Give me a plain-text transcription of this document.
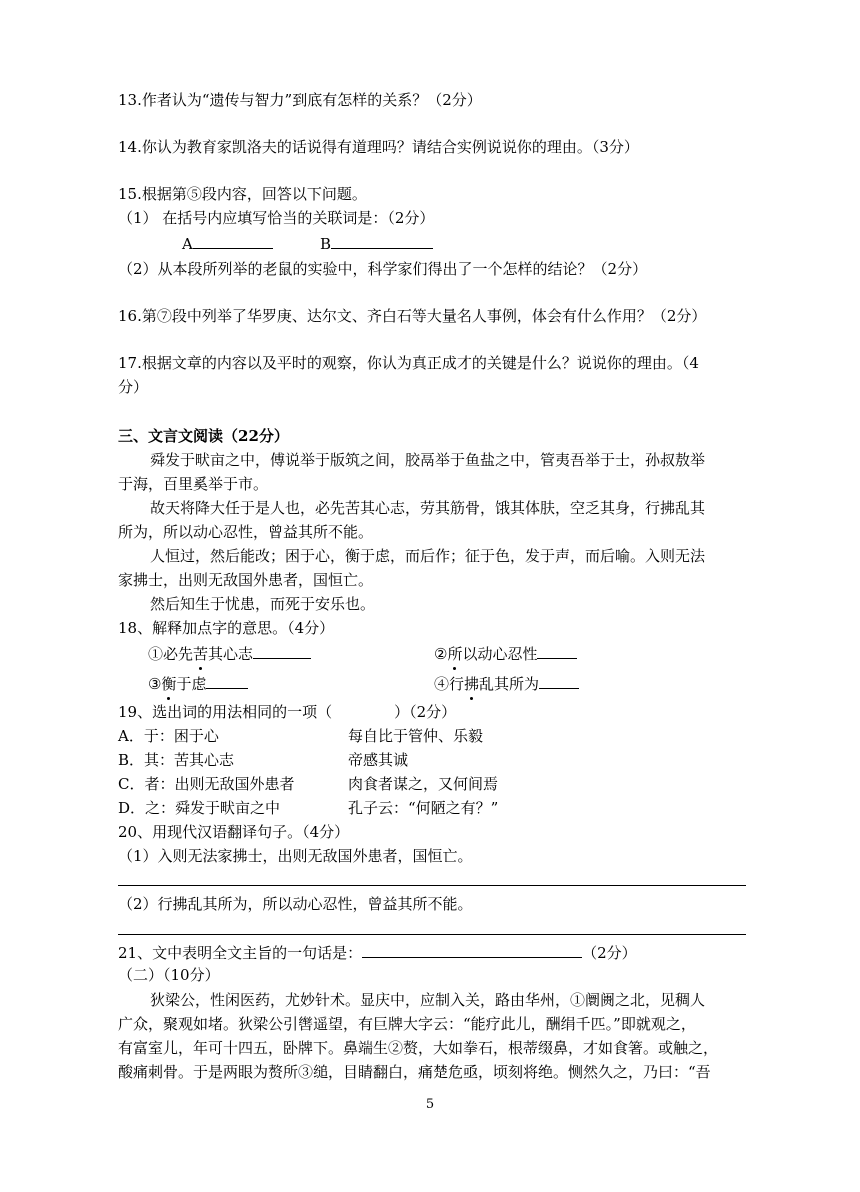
13.作者认为“遗传与智力”到底有怎样的关系？（2分）
14.你认为教育家凯洛夫的话说得有道理吗？请结合实例说说你的理由。（3分）
15.根据第⑤段内容，回答以下问题。
（1） 在括号内应填写恰当的关联词是：（2分）
A	B
（2）从本段所列举的老鼠的实验中，科学家们得出了一个怎样的结论？（2分）
16.第⑦段中列举了华罗庚、达尔文、齐白石等大量名人事例，体会有什么作用？（2分）
17.根据文章的内容以及平时的观察，你认为真正成才的关键是什么？说说你的理由。（4
分）
三、文言文阅读（22分）
舜发于畎亩之中，傅说举于版筑之间，胶鬲举于鱼盐之中，管夷吾举于士，孙叔敖举
于海，百里奚举于市。
故天将降大任于是人也，必先苦其心志，劳其筋骨，饿其体肤，空乏其身，行拂乱其
所为，所以动心忍性，曾益其所不能。
人恒过，然后能改；困于心，衡于虑，而后作；征于色，发于声，而后喻。入则无法
家拂士，出则无敌国外患者，国恒亡。
然后知生于忧患，而死于安乐也。
18、解释加点字的意思。（4分）
①必先苦其心志	②所以动心忍性
③衡于虑	④行拂乱其所为
19、选出词的用法相同的一项（	）（2分）
A．于：困于心	每自比于管仲、乐毅
B．其：苦其心志	帝感其诚
C．者：出则无敌国外患者	肉食者谋之，又何间焉
D．之：舜发于畎亩之中	孔子云：“何陋之有？”
20、用现代汉语翻译句子。（4分）
（1）入则无法家拂士，出则无敌国外患者，国恒亡。
（2）行拂乱其所为，所以动心忍性，曾益其所不能。
21、文中表明全文主旨的一句话是：	（2分）
（二）（10分）
狄梁公，性闲医药，尤妙针术。显庆中，应制入关，路由华州，①阛阓之北，见稠人
广众，聚观如堵。狄梁公引辔遥望，有巨牌大字云：“能疗此儿，酬绢千匹。”即就观之，
有富室儿，年可十四五，卧牌下。鼻端生②赘，大如拳石，根蒂缀鼻，才如食箸。或触之，
酸痛刺骨。于是两眼为赘所③缒，目睛翻白，痛楚危亟，顷刻将绝。恻然久之，乃曰：“吾
5
